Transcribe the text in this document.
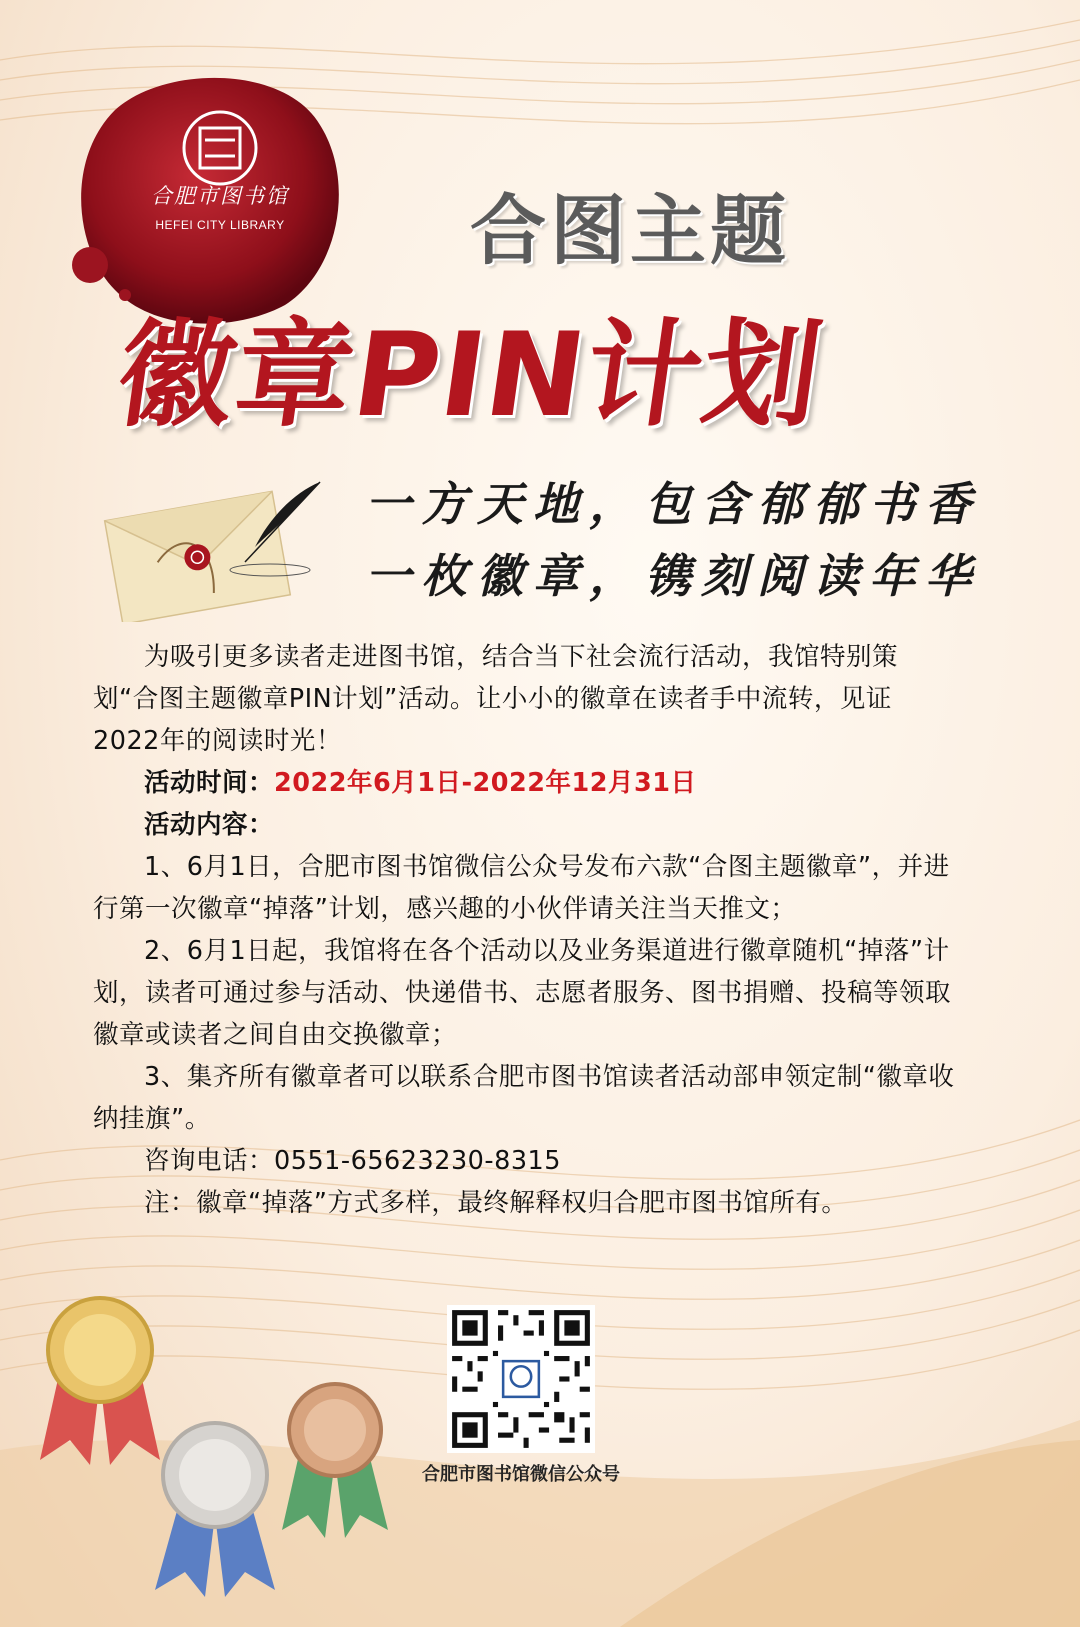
合肥市图书馆
HEFEI CITY LIBRARY 合图主题
徽章PIN计划
一方天地，包含郁郁书香
一枚徽章，镌刻阅读年华

为吸引更多读者走进图书馆，结合当下社会流行活动，我馆特别策划“合图主题徽章PIN计划”活动。让小小的徽章在读者手中流转，见证2022年的阅读时光！

活动时间：2022年6月1日-2022年12月31日

活动内容：

1、6月1日，合肥市图书馆微信公众号发布六款“合图主题徽章”，并进行第一次徽章“掉落”计划，感兴趣的小伙伴请关注当天推文；

2、6月1日起，我馆将在各个活动以及业务渠道进行徽章随机“掉落”计划，读者可通过参与活动、快递借书、志愿者服务、图书捐赠、投稿等领取徽章或读者之间自由交换徽章；

3、集齐所有徽章者可以联系合肥市图书馆读者活动部申领定制“徽章收纳挂旗”。

咨询电话：0551-65623230-8315

注：徽章“掉落”方式多样，最终解释权归合肥市图书馆所有。

合肥市图书馆微信公众号
